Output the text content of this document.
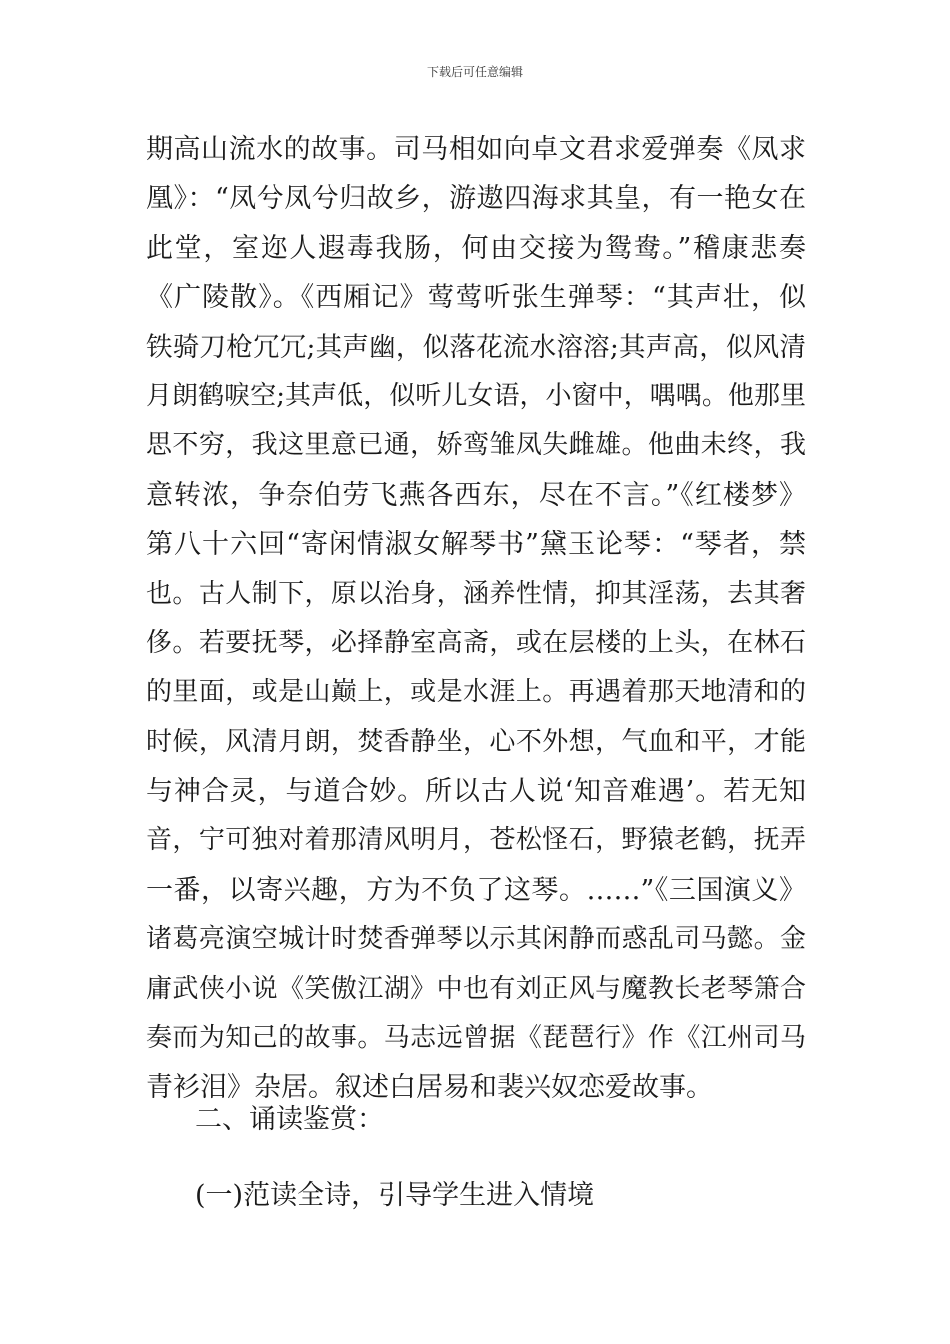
下载后可任意编辑
期高山流水的故事。司马相如向卓文君求爱弹奏《凤求
凰》：“凤兮凤兮归故乡，游遨四海求其皇，有一艳女在
此堂，室迩人遐毒我肠，何由交接为鸳鸯。”稽康悲奏
《广陵散》。《西厢记》莺莺听张生弹琴：“其声壮，似
铁骑刀枪冗冗;其声幽，似落花流水溶溶;其声高，似风清
月朗鹤唳空;其声低，似听儿女语，小窗中，喁喁。他那里
思不穷，我这里意已通，娇鸾雏凤失雌雄。他曲未终，我
意转浓，争奈伯劳飞燕各西东，尽在不言。”《红楼梦》
第八十六回“寄闲情淑女解琴书”黛玉论琴：“琴者，禁
也。古人制下，原以治身，涵养性情，抑其淫荡，去其奢
侈。若要抚琴，必择静室高斋，或在层楼的上头，在林石
的里面，或是山巅上，或是水涯上。再遇着那天地清和的
时候，风清月朗，焚香静坐，心不外想，气血和平，才能
与神合灵，与道合妙。所以古人说‘知音难遇’。若无知
音，宁可独对着那清风明月，苍松怪石，野猿老鹤，抚弄
一番，以寄兴趣，方为不负了这琴。……”《三国演义》
诸葛亮演空城计时焚香弹琴以示其闲静而惑乱司马懿。金
庸武侠小说《笑傲江湖》中也有刘正风与魔教长老琴箫合
奏而为知己的故事。马志远曾据《琵琶行》作《江州司马
青衫泪》杂居。叙述白居易和裴兴奴恋爱故事。
二、诵读鉴赏：
(一)范读全诗，引导学生进入情境
